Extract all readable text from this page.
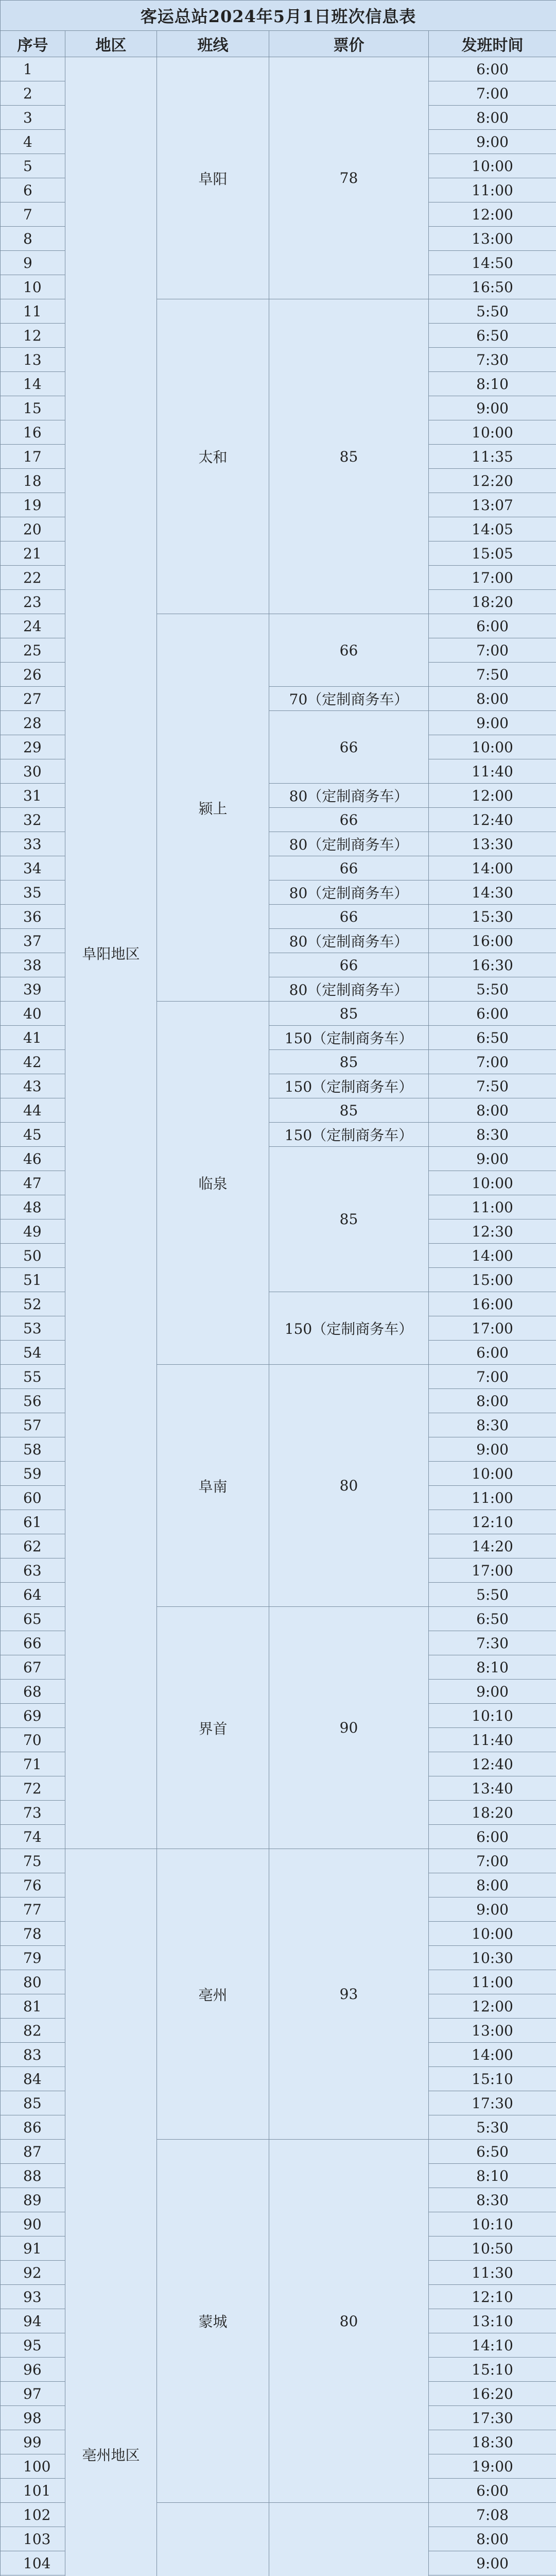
客运总站2024年5月1日班次信息表				
序号	地区	班线	票价	发班时间
1	阜阳地区	阜阳	78	6:00
2				7:00
3				8:00
4				9:00
5				10:00
6				11:00
7				12:00
8				13:00
9				14:50
10				16:50
11		太和	85	5:50
12				6:50
13				7:30
14				8:10
15				9:00
16				10:00
17				11:35
18				12:20
19				13:07
20				14:05
21				15:05
22				17:00
23				18:20
24		颍上	66	6:00
25				7:00
26				7:50
27			70（定制商务车）	8:00
28			66	9:00
29				10:00
30				11:40
31			80（定制商务车）	12:00
32			66	12:40
33			80（定制商务车）	13:30
34			66	14:00
35			80（定制商务车）	14:30
36			66	15:30
37			80（定制商务车）	16:00
38			66	16:30
39			80（定制商务车）	5:50
40		临泉	85	6:00
41			150（定制商务车）	6:50
42			85	7:00
43			150（定制商务车）	7:50
44			85	8:00
45			150（定制商务车）	8:30
46			85	9:00
47				10:00
48				11:00
49				12:30
50				14:00
51				15:00
52			150（定制商务车）	16:00
53				17:00
54				6:00
55		阜南	80	7:00
56				8:00
57				8:30
58				9:00
59				10:00
60				11:00
61				12:10
62				14:20
63				17:00
64				5:50
65		界首	90	6:50
66				7:30
67				8:10
68				9:00
69				10:10
70				11:40
71				12:40
72				13:40
73				18:20
74				6:00
75	亳州地区	亳州	93	7:00
76				8:00
77				9:00
78				10:00
79				10:30
80				11:00
81				12:00
82				13:00
83				14:00
84				15:10
85				17:30
86				5:30
87		蒙城	80	6:50
88				8:10
89				8:30
90				10:10
91				10:50
92				11:30
93				12:10
94				13:10
95				14:10
96				15:10
97				16:20
98				17:30
99				18:30
100				19:00
101				6:00
102				7:08
103				8:00
104				9:00
